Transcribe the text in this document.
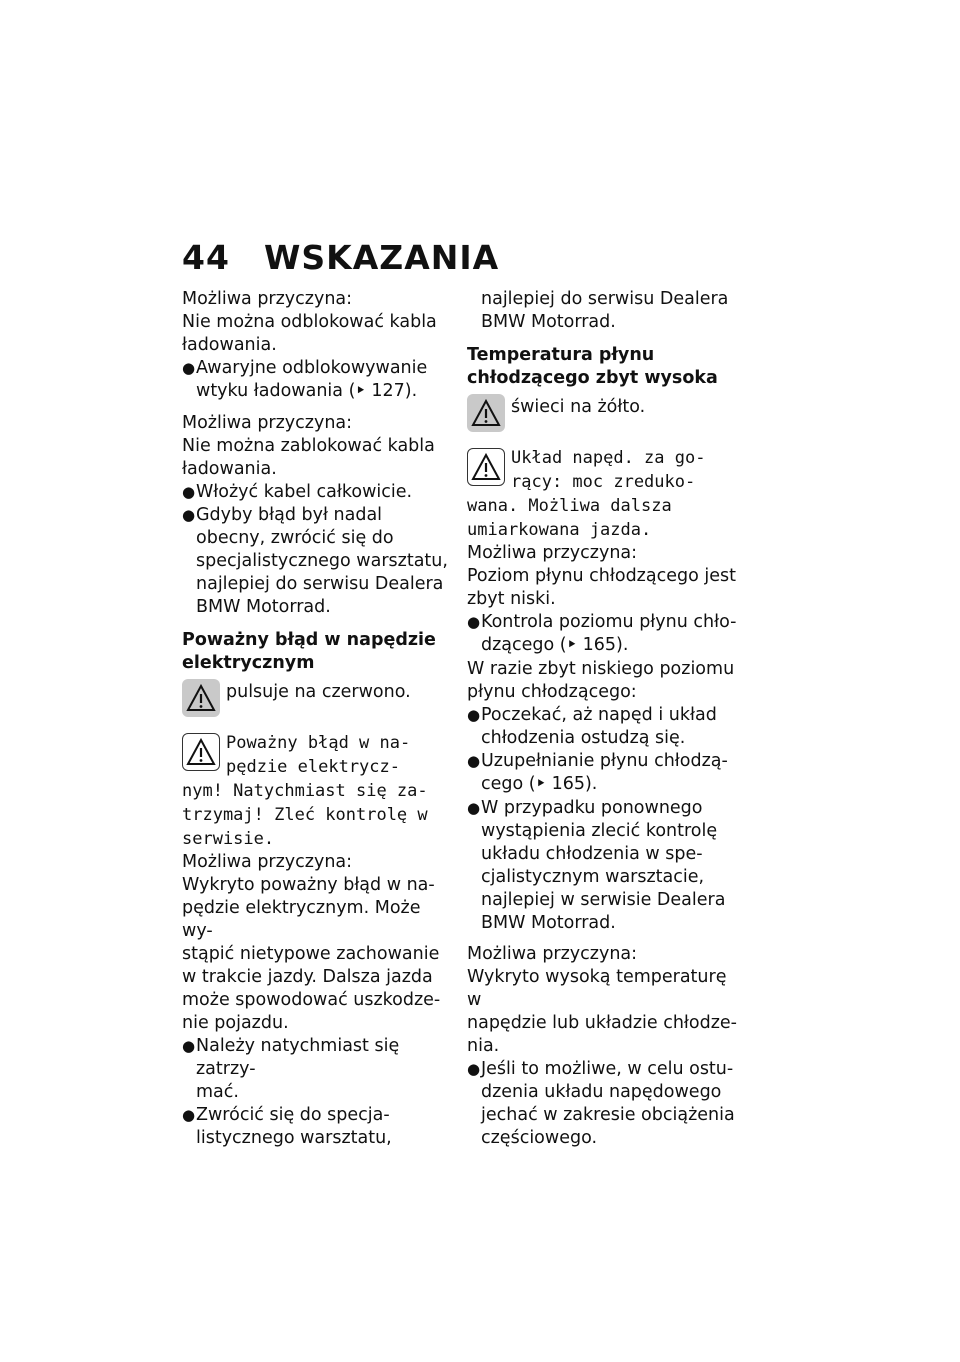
44 WSKAZANIA

Możliwa przyczyna:

Nie można odblokować kabla

ładowania.

● Awaryjne odblokowywanie
wtyku ładowania (⯈ 127).

Możliwa przyczyna:

Nie można zablokować kabla

ładowania.

● Włożyć kabel całkowicie.
● Gdyby błąd był nadal
obecny, zwrócić się do
specjalistycznego warsztatu,
najlepiej do serwisu Dealera
BMW Motorrad.
Poważny błąd w napędzie
elektrycznym
pulsuje na czerwono.
Poważny błąd w na-
pędzie elektrycz-
nym! Natychmiast się za-
trzymaj! Zleć kontrolę w
serwisie.

Możliwa przyczyna:

Wykryto poważny błąd w na-

pędzie elektrycznym. Może wy-

stąpić nietypowe zachowanie

w trakcie jazdy. Dalsza jazda

może spowodować uszkodze-

nie pojazdu.

● Należy natychmiast się zatrzy-
mać.
● Zwrócić się do specja-
listycznego warsztatu,
najlepiej do serwisu Dealera
BMW Motorrad.
Temperatura płynu
chłodzącego zbyt wysoka
świeci na żółto.
Układ napęd. za go-
rący: moc zreduko-
wana. Możliwa dalsza
umiarkowana jazda.

Możliwa przyczyna:

Poziom płynu chłodzącego jest

zbyt niski.

● Kontrola poziomu płynu chło-
dzącego (⯈ 165).

W razie zbyt niskiego poziomu

płynu chłodzącego:

● Poczekać, aż napęd i układ
chłodzenia ostudzą się.
● Uzupełnianie płynu chłodzą-
cego (⯈ 165).
● W przypadku ponownego
wystąpienia zlecić kontrolę
układu chłodzenia w spe-
cjalistycznym warsztacie,
najlepiej w serwisie Dealera
BMW Motorrad.

Możliwa przyczyna:

Wykryto wysoką temperaturę w

napędzie lub układzie chłodze-

nia.

● Jeśli to możliwe, w celu ostu-
dzenia układu napędowego
jechać w zakresie obciążenia
częściowego.
